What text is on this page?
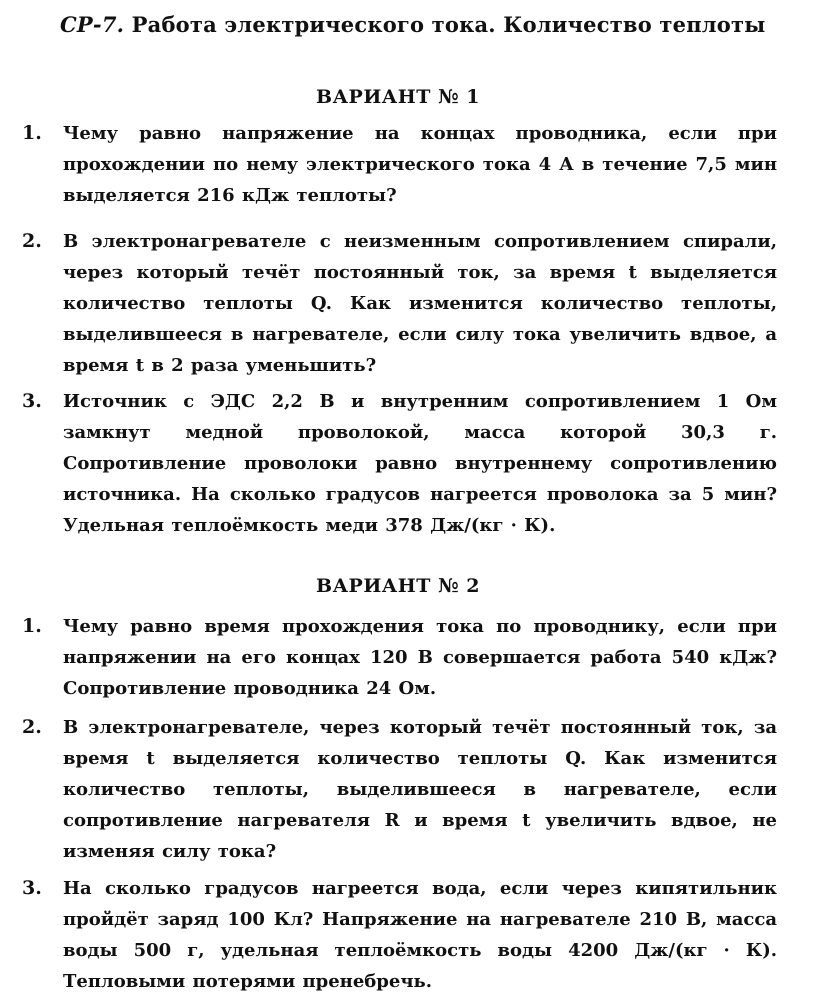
СР-7. Работа электрического тока. Количество теплоты
ВАРИАНТ № 1
1. Чему равно напряжение на концах проводника, если при прохождении по нему электрического тока 4 А в течение 7,5 мин выделяется 216 кДж теплоты?
2. В электронагревателе с неизменным сопротивлением спирали, через который течёт постоянный ток, за время t выделяется количество теплоты Q. Как изменится количество теплоты, выделившееся в нагревателе, если силу тока увеличить вдвое, а время t в 2 раза уменьшить?
3. Источник с ЭДС 2,2 В и внутренним сопротивлением 1 Ом замкнут медной проволокой, масса которой 30,3 г. Сопротивление проволоки равно внутреннему сопротивлению источника. На сколько градусов нагреется проволока за 5 мин? Удельная теплоёмкость меди 378 Дж/(кг · К).
ВАРИАНТ № 2
1. Чему равно время прохождения тока по проводнику, если при напряжении на его концах 120 В совершается работа 540 кДж? Сопротивление проводника 24 Ом.
2. В электронагревателе, через который течёт постоянный ток, за время t выделяется количество теплоты Q. Как изменится количество теплоты, выделившееся в нагревателе, если сопротивление нагревателя R и время t увеличить вдвое, не изменяя силу тока?
3. На сколько градусов нагреется вода, если через кипятильник пройдёт заряд 100 Кл? Напряжение на нагревателе 210 В, масса воды 500 г, удельная теплоёмкость воды 4200 Дж/(кг · К). Тепловыми потерями пренебречь.
